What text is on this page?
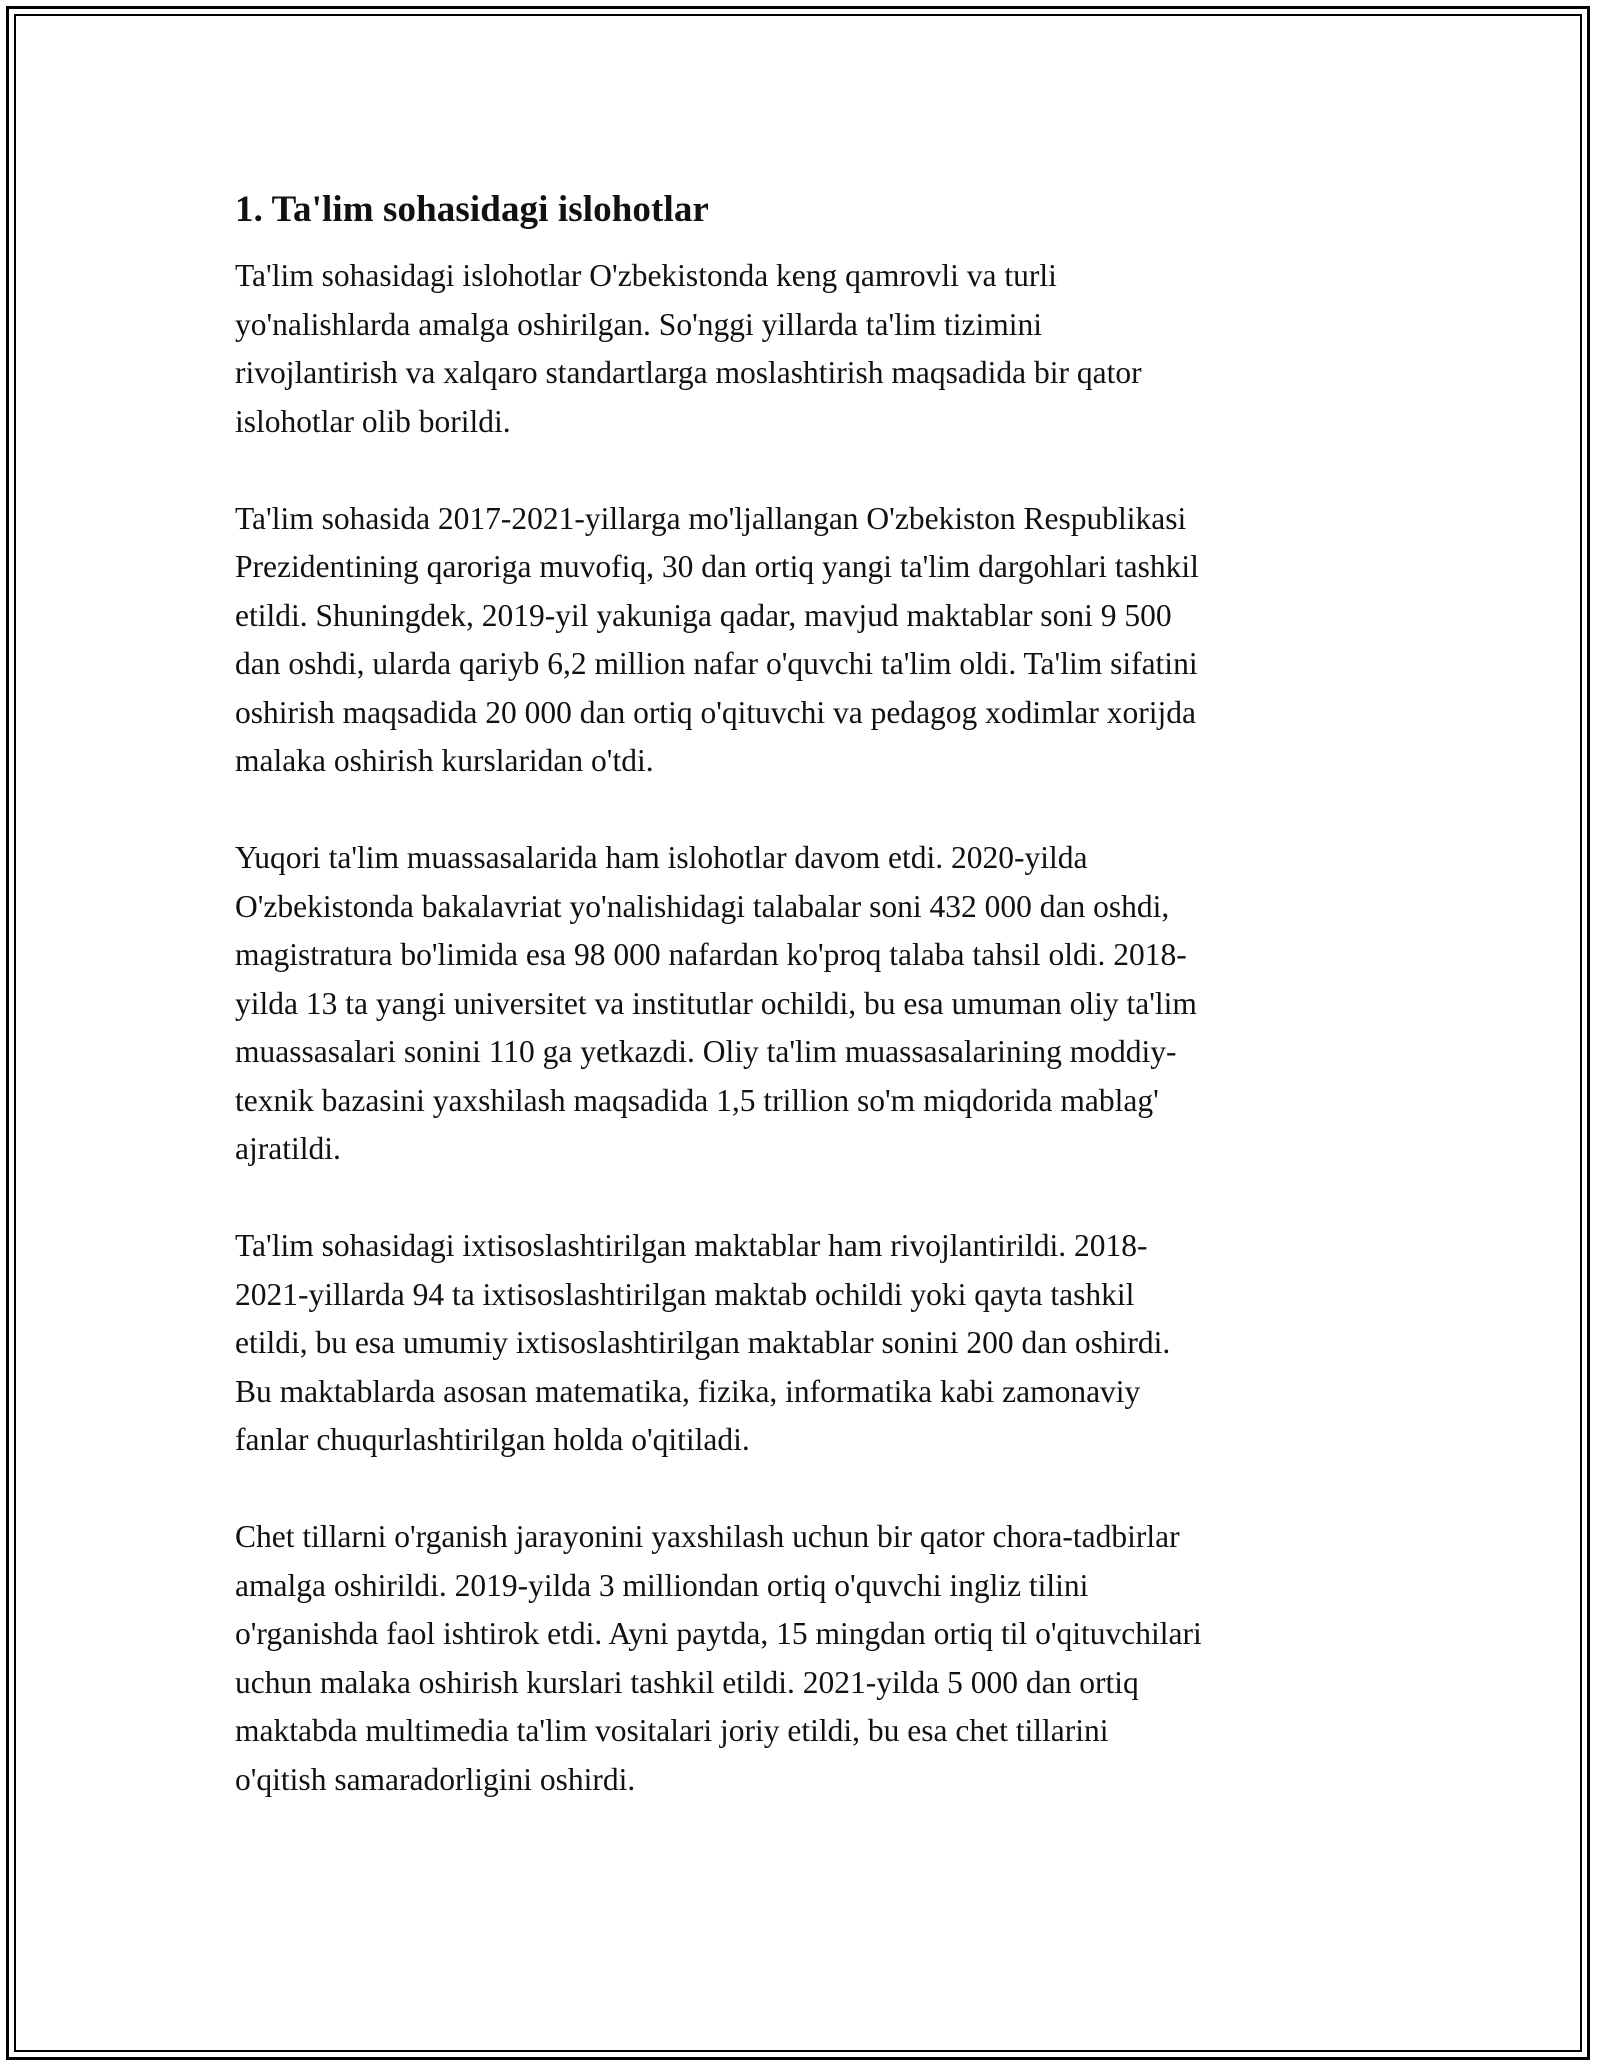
1. Ta'lim sohasidagi islohotlar

Ta'lim sohasidagi islohotlar O'zbekistonda keng qamrovli va turli
yo'nalishlarda amalga oshirilgan. So'nggi yillarda ta'lim tizimini
rivojlantirish va xalqaro standartlarga moslashtirish maqsadida bir qator
islohotlar olib borildi.

Ta'lim sohasida 2017-2021-yillarga mo'ljallangan O'zbekiston Respublikasi
Prezidentining qaroriga muvofiq, 30 dan ortiq yangi ta'lim dargohlari tashkil
etildi. Shuningdek, 2019-yil yakuniga qadar, mavjud maktablar soni 9 500
dan oshdi, ularda qariyb 6,2 million nafar o'quvchi ta'lim oldi. Ta'lim sifatini
oshirish maqsadida 20 000 dan ortiq o'qituvchi va pedagog xodimlar xorijda
malaka oshirish kurslaridan o'tdi.

Yuqori ta'lim muassasalarida ham islohotlar davom etdi. 2020-yilda
O'zbekistonda bakalavriat yo'nalishidagi talabalar soni 432 000 dan oshdi,
magistratura bo'limida esa 98 000 nafardan ko'proq talaba tahsil oldi. 2018-
yilda 13 ta yangi universitet va institutlar ochildi, bu esa umuman oliy ta'lim
muassasalari sonini 110 ga yetkazdi. Oliy ta'lim muassasalarining moddiy-
texnik bazasini yaxshilash maqsadida 1,5 trillion so'm miqdorida mablag'
ajratildi.

Ta'lim sohasidagi ixtisoslashtirilgan maktablar ham rivojlantirildi. 2018-
2021-yillarda 94 ta ixtisoslashtirilgan maktab ochildi yoki qayta tashkil
etildi, bu esa umumiy ixtisoslashtirilgan maktablar sonini 200 dan oshirdi.
Bu maktablarda asosan matematika, fizika, informatika kabi zamonaviy
fanlar chuqurlashtirilgan holda o'qitiladi.

Chet tillarni o'rganish jarayonini yaxshilash uchun bir qator chora-tadbirlar
amalga oshirildi. 2019-yilda 3 milliondan ortiq o'quvchi ingliz tilini
o'rganishda faol ishtirok etdi. Ayni paytda, 15 mingdan ortiq til o'qituvchilari
uchun malaka oshirish kurslari tashkil etildi. 2021-yilda 5 000 dan ortiq
maktabda multimedia ta'lim vositalari joriy etildi, bu esa chet tillarini
o'qitish samaradorligini oshirdi.
